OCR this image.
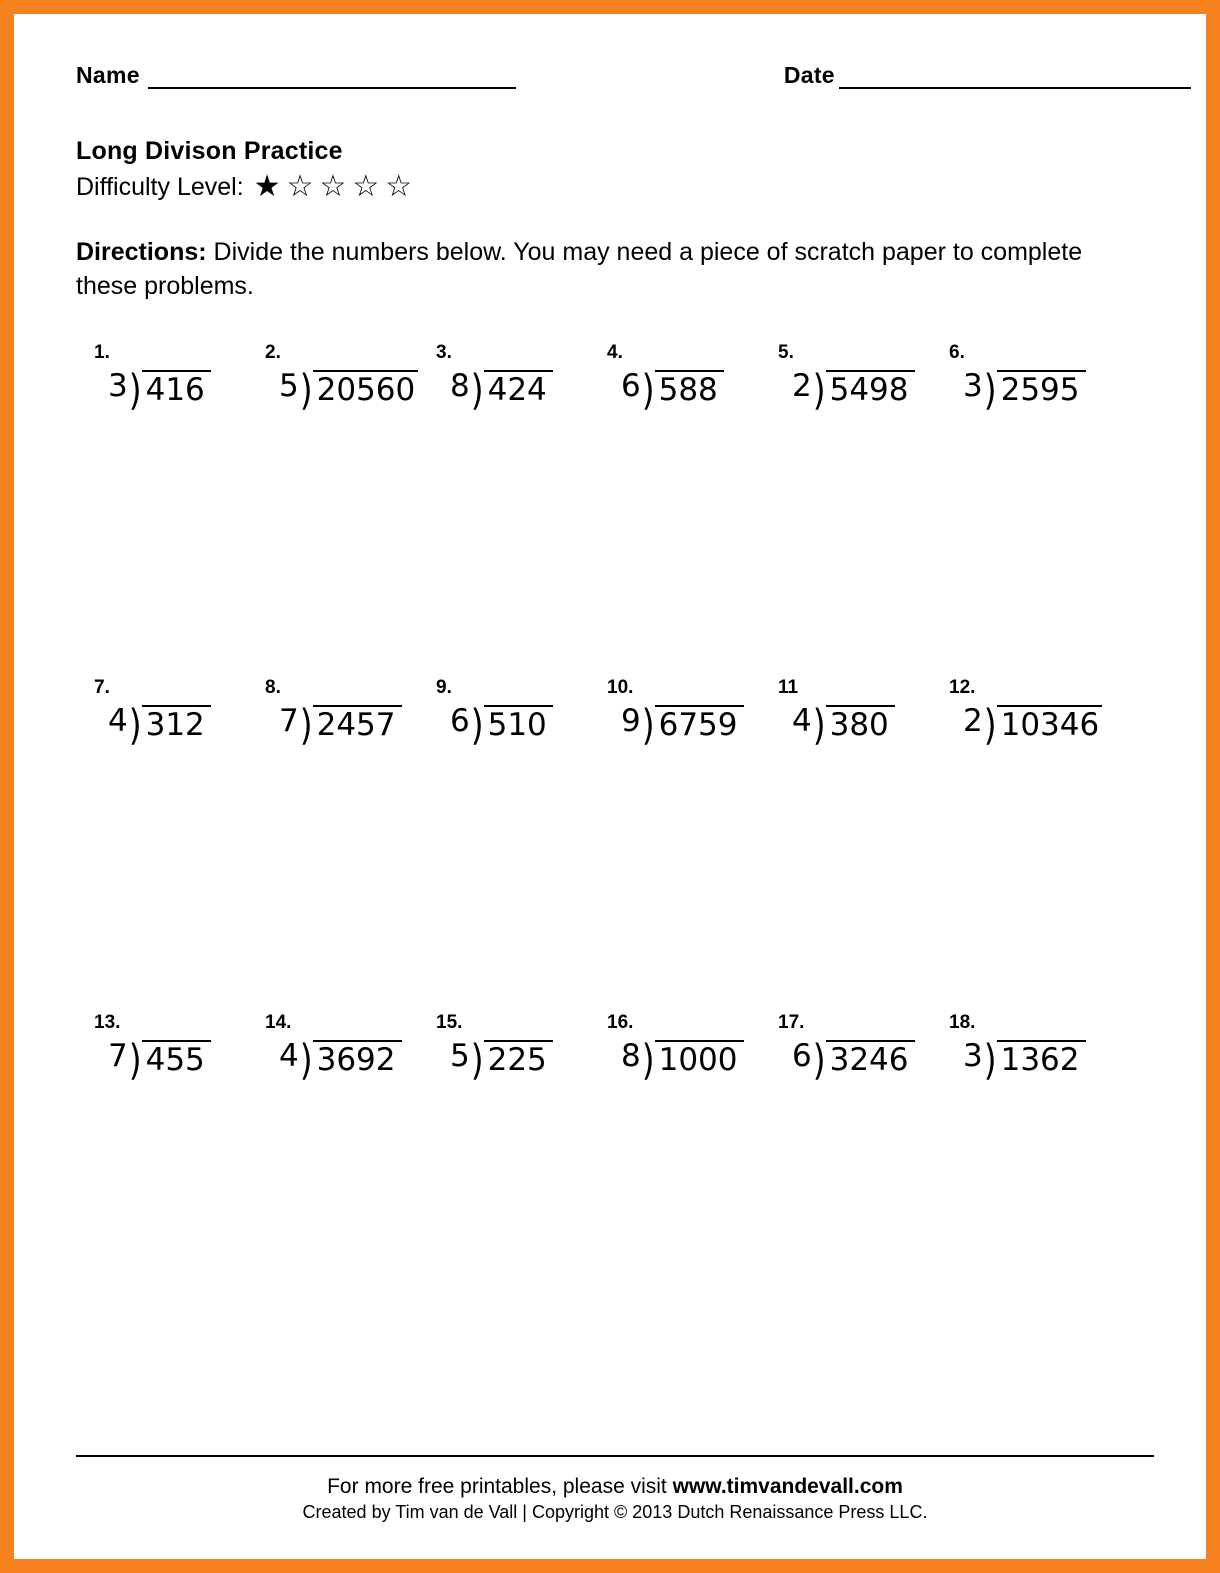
Name	Date
Long Divison Practice
Difficulty Level: ★☆☆☆☆
Directions: Divide the numbers below. You may need a piece of scratch paper to complete these problems.
1.
3 ) 416
2.
5 ) 20560
3.
8 ) 424
4.
6 ) 588
5.
2 ) 5498
6.
3 ) 2595
7.
4 ) 312
8.
7 ) 2457
9.
6 ) 510
10.
9 ) 6759
11
4 ) 380
12.
2 ) 10346
13.
7 ) 455
14.
4 ) 3692
15.
5 ) 225
16.
8 ) 1000
17.
6 ) 3246
18.
3 ) 1362
For more free printables, please visit www.timvandevall.com
Created by Tim van de Vall | Copyright © 2013 Dutch Renaissance Press LLC.
